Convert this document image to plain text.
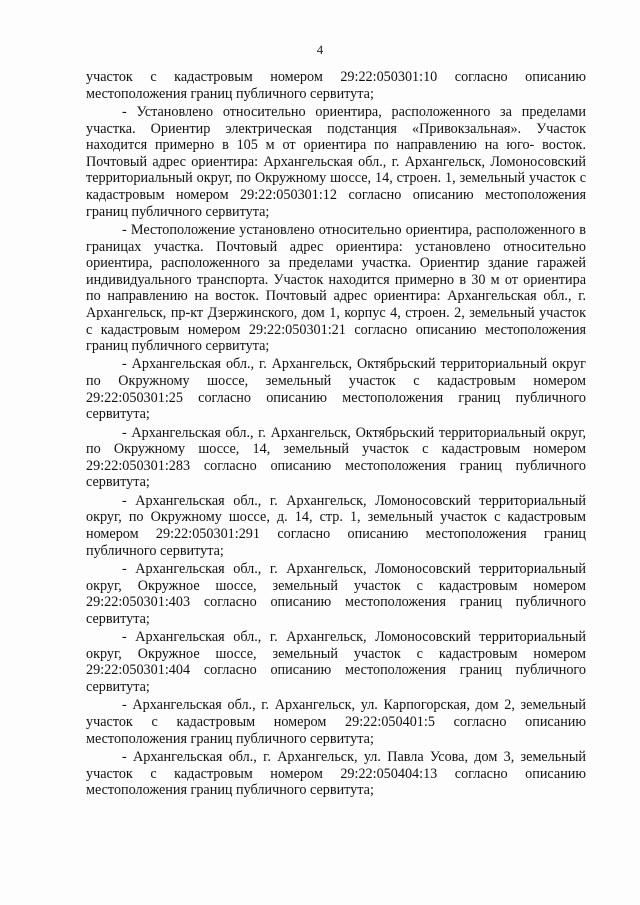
4

участок с кадастровым номером 29:22:050301:10 согласно описанию местоположения границ публичного сервитута;

- Установлено относительно ориентира, расположенного за пределами участка. Ориентир электрическая подстанция «Привокзальная». Участок находится примерно в 105 м от ориентира по направлению на юго- восток. Почтовый адрес ориентира: Архангельская обл., г. Архангельск, Ломоносовский территориальный округ, по Окружному шоссе, 14, строен. 1, земельный участок с кадастровым номером 29:22:050301:12 согласно описанию местоположения границ публичного сервитута;

- Местоположение установлено относительно ориентира, расположенного в границах участка. Почтовый адрес ориентира: установлено относительно ориентира, расположенного за пределами участка. Ориентир здание гаражей индивидуального транспорта. Участок находится примерно в 30 м от ориентира по направлению на восток. Почтовый адрес ориентира: Архангельская обл., г. Архангельск, пр-кт Дзержинского, дом 1, корпус 4, строен. 2, земельный участок с кадастровым номером 29:22:050301:21 согласно описанию местоположения границ публичного сервитута;

- Архангельская обл., г. Архангельск, Октябрьский территориальный округ по Окружному шоссе, земельный участок с кадастровым номером 29:22:050301:25 согласно описанию местоположения границ публичного сервитута;

- Архангельская обл., г. Архангельск, Октябрьский территориальный округ, по Окружному шоссе, 14, земельный участок с кадастровым номером 29:22:050301:283 согласно описанию местоположения границ публичного сервитута;

- Архангельская обл., г. Архангельск, Ломоносовский территориальный округ, по Окружному шоссе, д. 14, стр. 1, земельный участок с кадастровым номером 29:22:050301:291 согласно описанию местоположения границ публичного сервитута;

- Архангельская обл., г. Архангельск, Ломоносовский территориальный округ, Окружное шоссе, земельный участок с кадастровым номером 29:22:050301:403 согласно описанию местоположения границ публичного сервитута;

- Архангельская обл., г. Архангельск, Ломоносовский территориальный округ, Окружное шоссе, земельный участок с кадастровым номером 29:22:050301:404 согласно описанию местоположения границ публичного сервитута;

- Архангельская обл., г. Архангельск, ул. Карпогорская, дом 2, земельный участок с кадастровым номером 29:22:050401:5 согласно описанию местоположения границ публичного сервитута;

- Архангельская обл., г. Архангельск, ул. Павла Усова, дом 3, земельный участок с кадастровым номером 29:22:050404:13 согласно описанию местоположения границ публичного сервитута;
